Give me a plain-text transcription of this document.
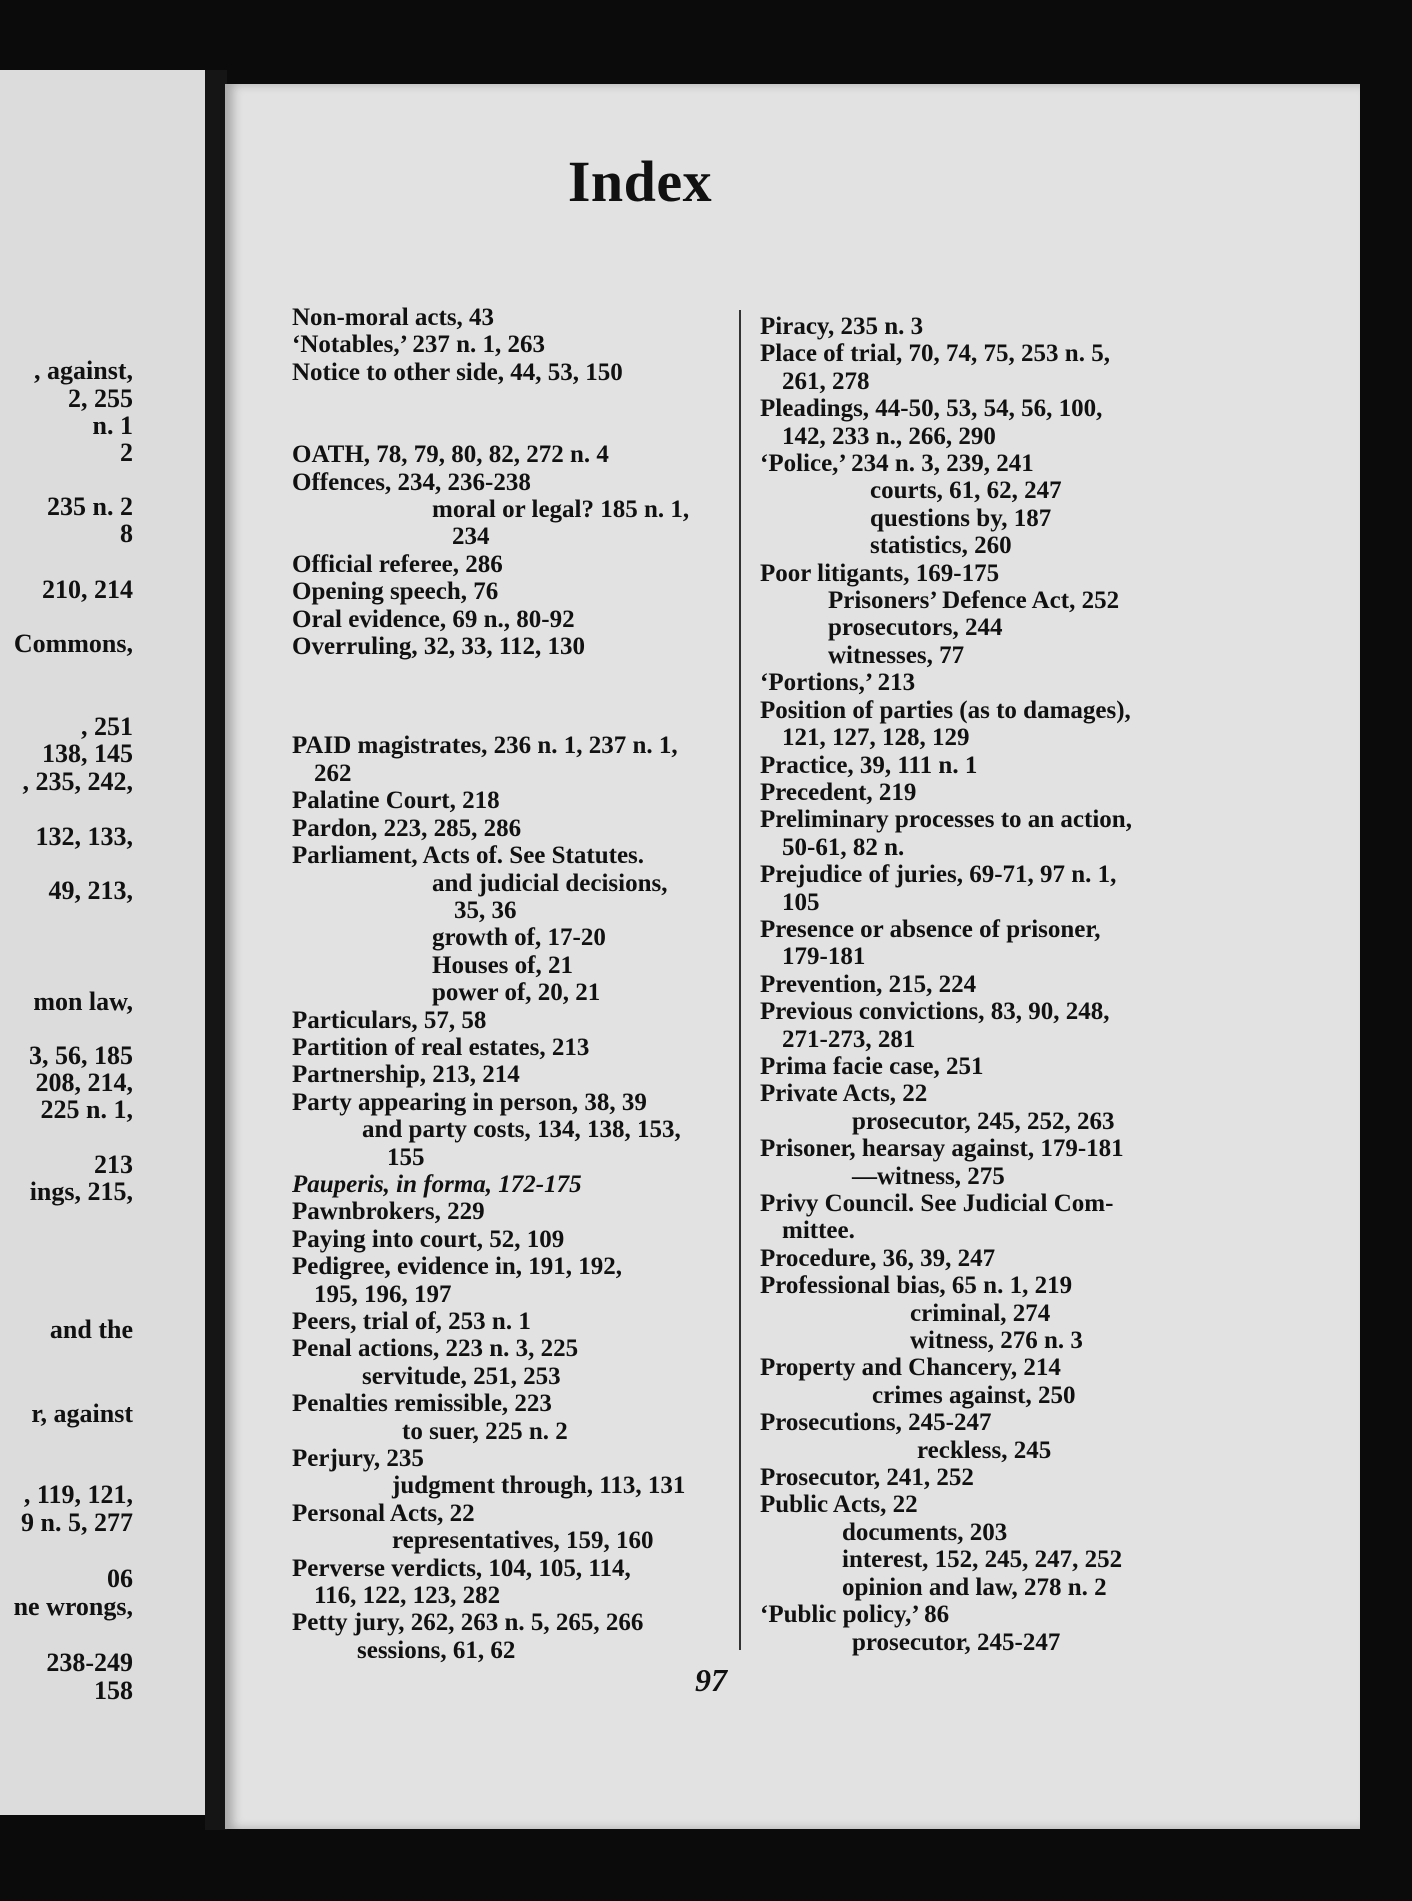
, against,
2, 255
n. 1
2
235 n. 2
8
210, 214
Commons,
, 251
138, 145
, 235, 242,
132, 133,
49, 213,
mon law,
3, 56, 185
208, 214,
225 n. 1,
213
ings, 215,
and the
r, against
, 119, 121,
9 n. 5, 277
06
ne wrongs,
238-249
158
Index
Non-moral acts, 43
‘Notables,’ 237 n. 1, 263
Notice to other side, 44, 53, 150
OATH, 78, 79, 80, 82, 272 n. 4
Offences, 234, 236-238
moral or legal? 185 n. 1,
234
Official referee, 286
Opening speech, 76
Oral evidence, 69 n., 80-92
Overruling, 32, 33, 112, 130
PAID magistrates, 236 n. 1, 237 n. 1,
262
Palatine Court, 218
Pardon, 223, 285, 286
Parliament, Acts of. See Statutes.
and judicial decisions,
35, 36
growth of, 17-20
Houses of, 21
power of, 20, 21
Particulars, 57, 58
Partition of real estates, 213
Partnership, 213, 214
Party appearing in person, 38, 39
and party costs, 134, 138, 153,
155
Pauperis, in forma, 172-175
Pawnbrokers, 229
Paying into court, 52, 109
Pedigree, evidence in, 191, 192,
195, 196, 197
Peers, trial of, 253 n. 1
Penal actions, 223 n. 3, 225
servitude, 251, 253
Penalties remissible, 223
to suer, 225 n. 2
Perjury, 235
judgment through, 113, 131
Personal Acts, 22
representatives, 159, 160
Perverse verdicts, 104, 105, 114,
116, 122, 123, 282
Petty jury, 262, 263 n. 5, 265, 266
sessions, 61, 62
Piracy, 235 n. 3
Place of trial, 70, 74, 75, 253 n. 5,
261, 278
Pleadings, 44-50, 53, 54, 56, 100,
142, 233 n., 266, 290
‘Police,’ 234 n. 3, 239, 241
courts, 61, 62, 247
questions by, 187
statistics, 260
Poor litigants, 169-175
Prisoners’ Defence Act, 252
prosecutors, 244
witnesses, 77
‘Portions,’ 213
Position of parties (as to damages),
121, 127, 128, 129
Practice, 39, 111 n. 1
Precedent, 219
Preliminary processes to an action,
50-61, 82 n.
Prejudice of juries, 69-71, 97 n. 1,
105
Presence or absence of prisoner,
179-181
Prevention, 215, 224
Previous convictions, 83, 90, 248,
271-273, 281
Prima facie case, 251
Private Acts, 22
prosecutor, 245, 252, 263
Prisoner, hearsay against, 179-181
—witness, 275
Privy Council. See Judicial Com-
mittee.
Procedure, 36, 39, 247
Professional bias, 65 n. 1, 219
criminal, 274
witness, 276 n. 3
Property and Chancery, 214
crimes against, 250
Prosecutions, 245-247
reckless, 245
Prosecutor, 241, 252
Public Acts, 22
documents, 203
interest, 152, 245, 247, 252
opinion and law, 278 n. 2
‘Public policy,’ 86
prosecutor, 245-247
97
